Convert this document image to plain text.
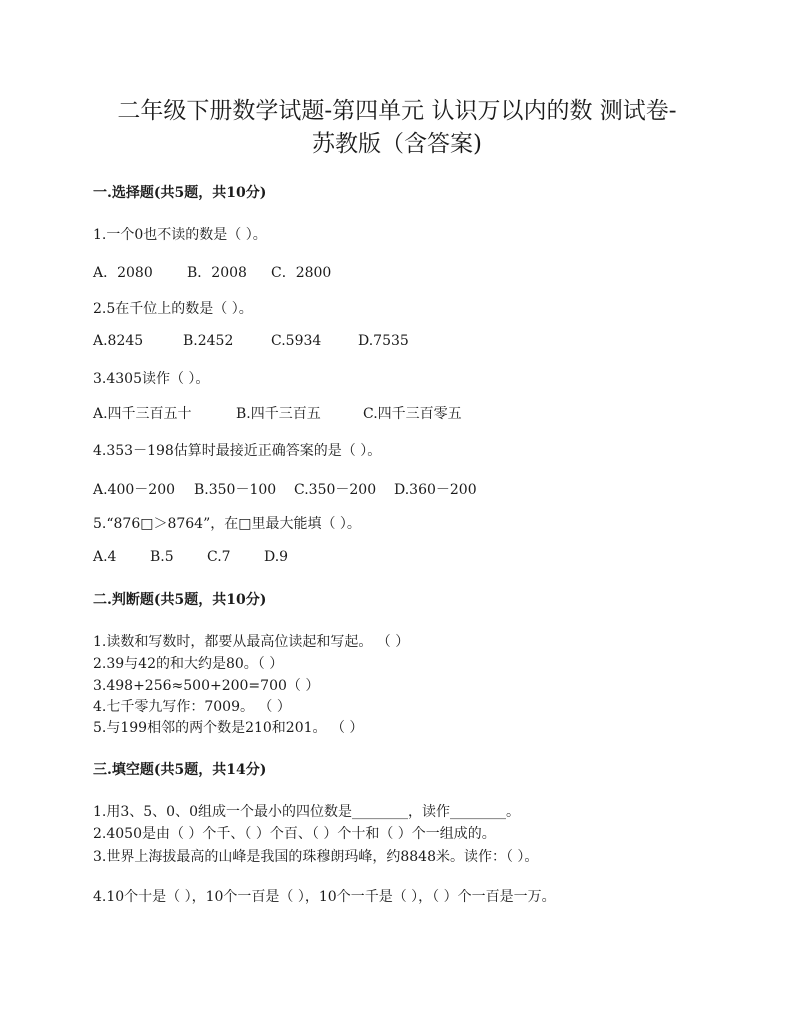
二年级下册数学试题-第四单元 认识万以内的数 测试卷-
苏教版（含答案)
一.选择题(共5题，共10分)
1.一个0也不读的数是（ ）。
A．2080 B．2008 C．2800
2.5在千位上的数是（ ）。
A.8245	B.2452	C.5934	D.7535
3.4305读作（ ）。
A.四千三百五十	B.四千三百五	C.四千三百零五
4.353－198估算时最接近正确答案的是（ ）。
A.400－200 B.350－100 C.350－200 D.360－200
5.“876□＞8764”，在□里最大能填（ ）。
A.4 B.5 C.7 D.9
二.判断题(共5题，共10分)
1.读数和写数时，都要从最高位读起和写起。 （ ）
2.39与42的和大约是80。（ ）
3.498+256≈500+200=700（ ）
4.七千零九写作：7009。 （ ）
5.与199相邻的两个数是210和201。 （ ）
三.填空题(共5题，共14分)
1.用3、5、0、0组成一个最小的四位数是________，读作________。
2.4050是由（ ）个千、（ ）个百、（ ）个十和（ ）个一组成的。
3.世界上海拔最高的山峰是我国的珠穆朗玛峰，约8848米。读作：（ ）。
4.10个十是（ ），10个一百是（ ），10个一千是（ ），（ ）个一百是一万。
